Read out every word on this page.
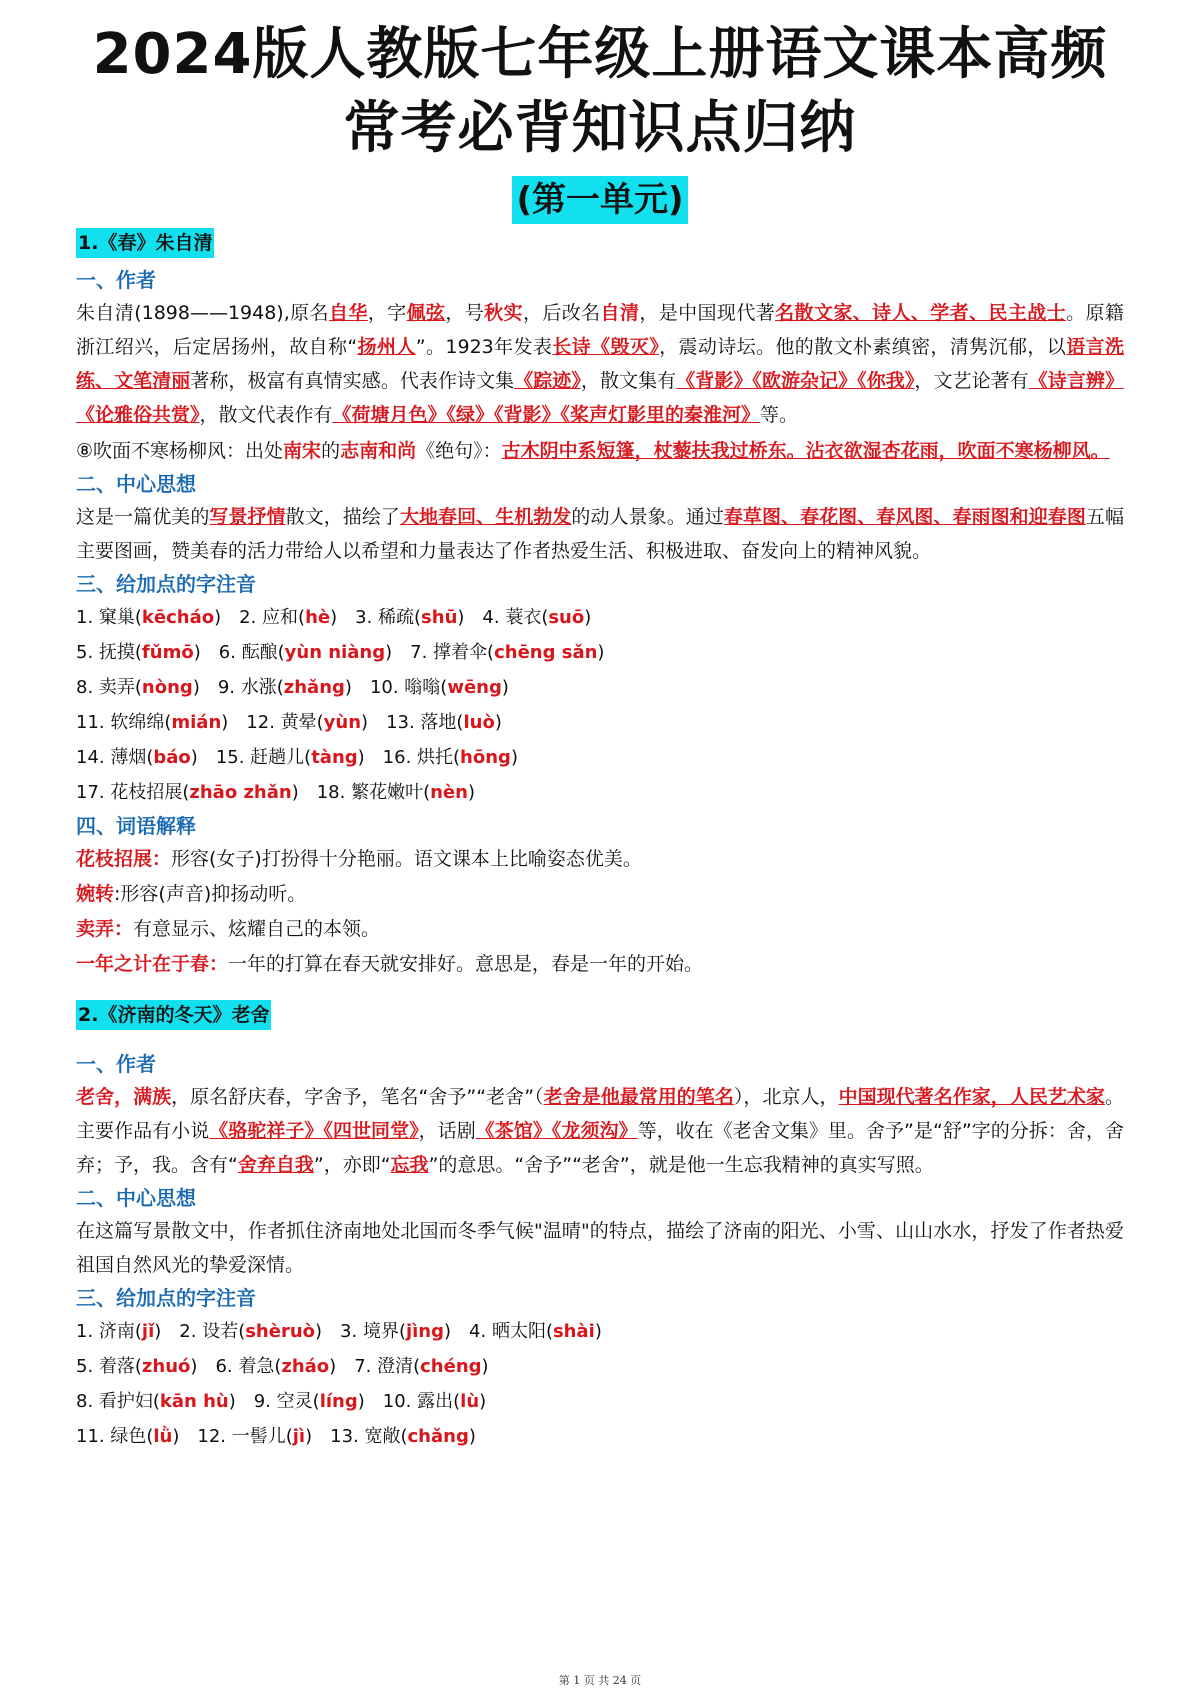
2024版人教版七年级上册语文课本高频
常考必背知识点归纳
(第一单元)
1.《春》朱自清
一、作者

朱自清(1898——1948),原名自华，字佩弦，号秋实，后改名自清，是中国现代著名散文家、诗人、学者、民主战士。原籍浙江绍兴，后定居扬州，故自称“扬州人”。1923年发表长诗《毁灭》，震动诗坛。他的散文朴素缜密，清隽沉郁，以语言洗练、文笔清丽著称，极富有真情实感。代表作诗文集《踪迹》，散文集有《背影》《欧游杂记》《你我》，文艺论著有《诗言辨》《论雅俗共赏》，散文代表作有《荷塘月色》《绿》《背影》《桨声灯影里的秦淮河》等。

⑧吹面不寒杨柳风：出处南宋的志南和尚《绝句》：古木阴中系短篷，杖藜扶我过桥东。沾衣欲湿杏花雨，吹面不寒杨柳风。

二、中心思想

这是一篇优美的写景抒情散文，描绘了大地春回、生机勃发的动人景象。通过春草图、春花图、春风图、春雨图和迎春图五幅主要图画，赞美春的活力带给人以希望和力量表达了作者热爱生活、积极进取、奋发向上的精神风貌。

三、给加点的字注音
1. 窠巢(kēcháo) 2. 应和(hè) 3. 稀疏(shū) 4. 蓑衣(suō)
5. 抚摸(fǔmō) 6. 酝酿(yùn niàng) 7. 撑着伞(chēng sǎn)
8. 卖弄(nòng) 9. 水涨(zhǎng) 10. 嗡嗡(wēng)
11. 软绵绵(mián) 12. 黄晕(yùn) 13. 落地(luò)
14. 薄烟(báo) 15. 赶趟儿(tàng) 16. 烘托(hōng)
17. 花枝招展(zhāo zhǎn) 18. 繁花嫩叶(nèn)
四、词语解释
花枝招展：形容(女子)打扮得十分艳丽。语文课本上比喻姿态优美。
婉转:形容(声音)抑扬动听。
卖弄：有意显示、炫耀自己的本领。
一年之计在于春：一年的打算在春天就安排好。意思是，春是一年的开始。
2.《济南的冬天》老舍
一、作者

老舍，满族，原名舒庆春，字舍予，笔名“舍予”“老舍”（老舍是他最常用的笔名），北京人，中国现代著名作家，人民艺术家。主要作品有小说《骆驼祥子》《四世同堂》，话剧《茶馆》《龙须沟》等，收在《老舍文集》里。舍予”是“舒”字的分拆：舍，舍弃；予，我。含有“舍弃自我”，亦即“忘我”的意思。“舍予”“老舍”，就是他一生忘我精神的真实写照。

二、中心思想

在这篇写景散文中，作者抓住济南地处北国而冬季气候"温晴"的特点，描绘了济南的阳光、小雪、山山水水，抒发了作者热爱祖国自然风光的挚爱深情。

三、给加点的字注音
1. 济南(jǐ) 2. 设若(shèruò) 3. 境界(jìng) 4. 晒太阳(shài)
5. 着落(zhuó) 6. 着急(zháo) 7. 澄清(chéng)
8. 看护妇(kān hù) 9. 空灵(líng) 10. 露出(lù)
11. 绿色(lǜ) 12. 一髻儿(jì) 13. 宽敞(chǎng)
第 1 页 共 24 页
